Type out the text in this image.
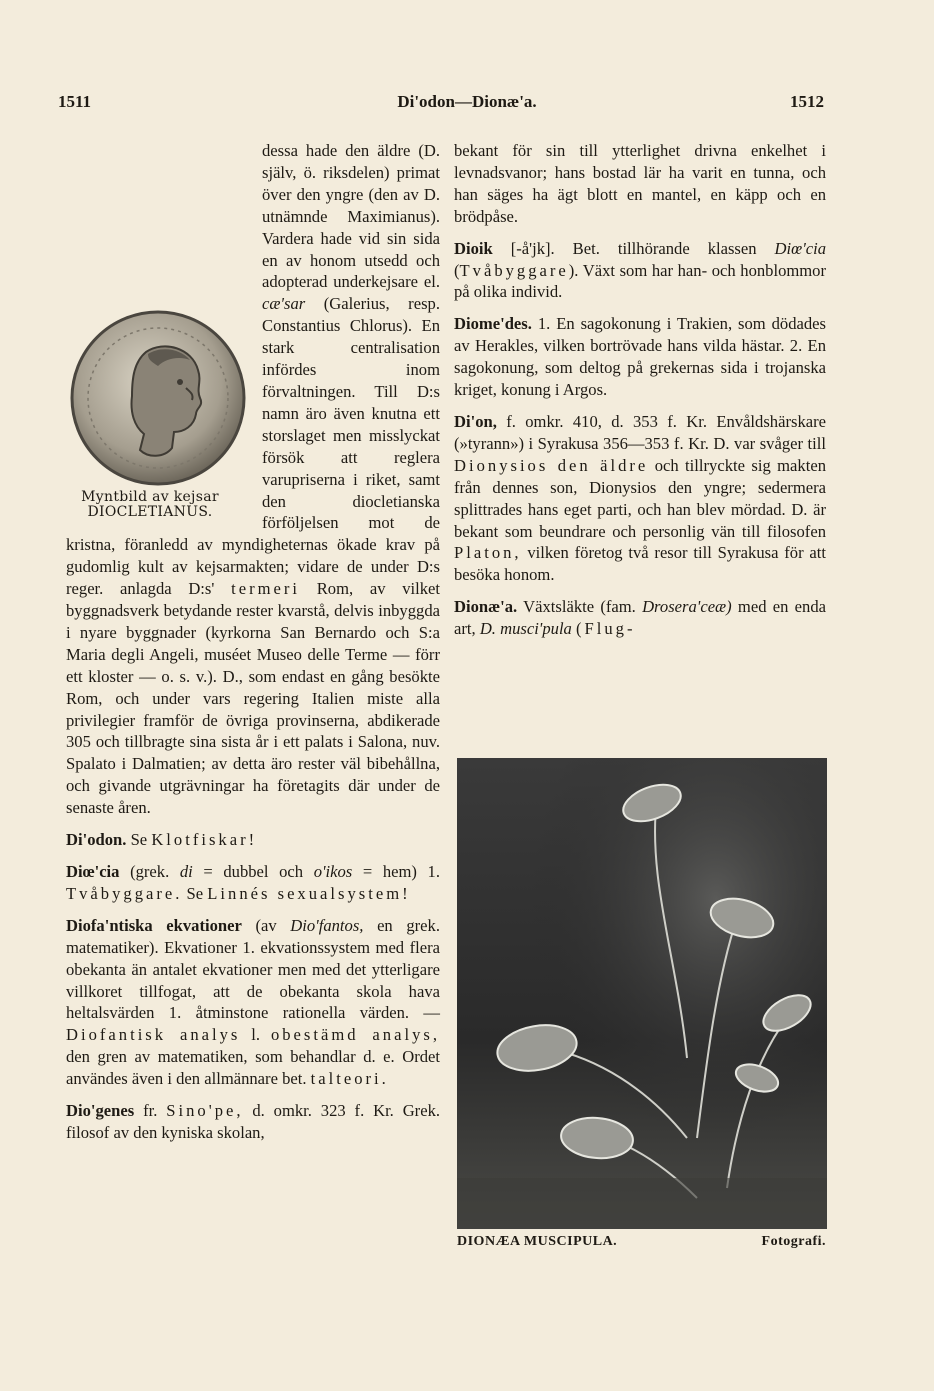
1511	Di'odon—Dionæ'a.	1512

dessa hade den äldre (D. själv, ö. riksdelen) primat över den yngre (den av D. utnämnde Maximianus). Vardera hade vid sin sida en av honom utsedd och adopterad underkejsare el. cæ'sar (Galerius, resp. Constantius Chlorus). En stark centralisation infördes inom förvaltningen. Till D:s namn äro även knutna ett storslaget men misslyckat försök att reglera varupriserna i riket, samt den diocletianska förföljelsen mot de kristna, föranledd av myndigheternas ökade krav på gudomlig kult av kejsarmakten; vidare de under D:s reger. anlagda D:s' termeri Rom, av vilket byggnadsverk betydande rester kvarstå, delvis inbyggda i nyare byggnader (kyrkorna San Bernardo och S:a Maria degli Angeli, muséet Museo delle Terme — förr ett kloster — o. s. v.). D., som endast en gång besökte Rom, och under vars regering Italien miste alla privilegier framför de övriga provinserna, abdikerade 305 och tillbragte sina sista år i ett palats i Salona, nuv. Spalato i Dalmatien; av detta äro rester väl bibehållna, och givande utgrävningar ha företagits där under de senaste åren.

Di'odon. Se Klotfiskar!

Diœ'cia (grek. di = dubbel och o'ikos = hem) 1. Tvåbyggare. Se Linnés sexualsystem!

Diofa'ntiska ekvationer (av Dio'fantos, en grek. matematiker). Ekvationer 1. ekvationssystem med flera obekanta än antalet ekvationer men med det ytterligare villkoret tillfogat, att de obekanta skola hava heltalsvärden 1. åtminstone rationella värden. — Diofantisk analys l. obestämd analys, den gren av matematiken, som behandlar d. e. Ordet användes även i den allmännare bet. talteori.

Dio'genes fr. Sino'pe, d. omkr. 323 f. Kr. Grek. filosof av den kyniska skolan,

Myntbild av kejsar
DIOCLETIANUS.

bekant för sin till ytterlighet drivna enkelhet i levnadsvanor; hans bostad lär ha varit en tunna, och han säges ha ägt blott en mantel, en käpp och en brödpåse.

Dioik [-å'jk]. Bet. tillhörande klassen Diœ'cia (Tvåbyggare). Växt som har han- och honblommor på olika individ.

Diome'des. 1. En sagokonung i Trakien, som dödades av Herakles, vilken bortrövade hans vilda hästar. 2. En sagokonung, som deltog på grekernas sida i trojanska kriget, konung i Argos.

Di'on, f. omkr. 410, d. 353 f. Kr. Envåldshärskare (»tyrann») i Syrakusa 356—353 f. Kr. D. var svåger till Dionysios den äldre och tillryckte sig makten från dennes son, Dionysios den yngre; sedermera splittrades hans eget parti, och han blev mördad. D. är bekant som beundrare och personlig vän till filosofen Platon, vilken företog två resor till Syrakusa för att besöka honom.

Dionæ'a. Växtsläkte (fam. Drosera'ceæ) med en enda art, D. musci'pula (Flug-

DIONÆA MUSCIPULA.	Fotografi.
